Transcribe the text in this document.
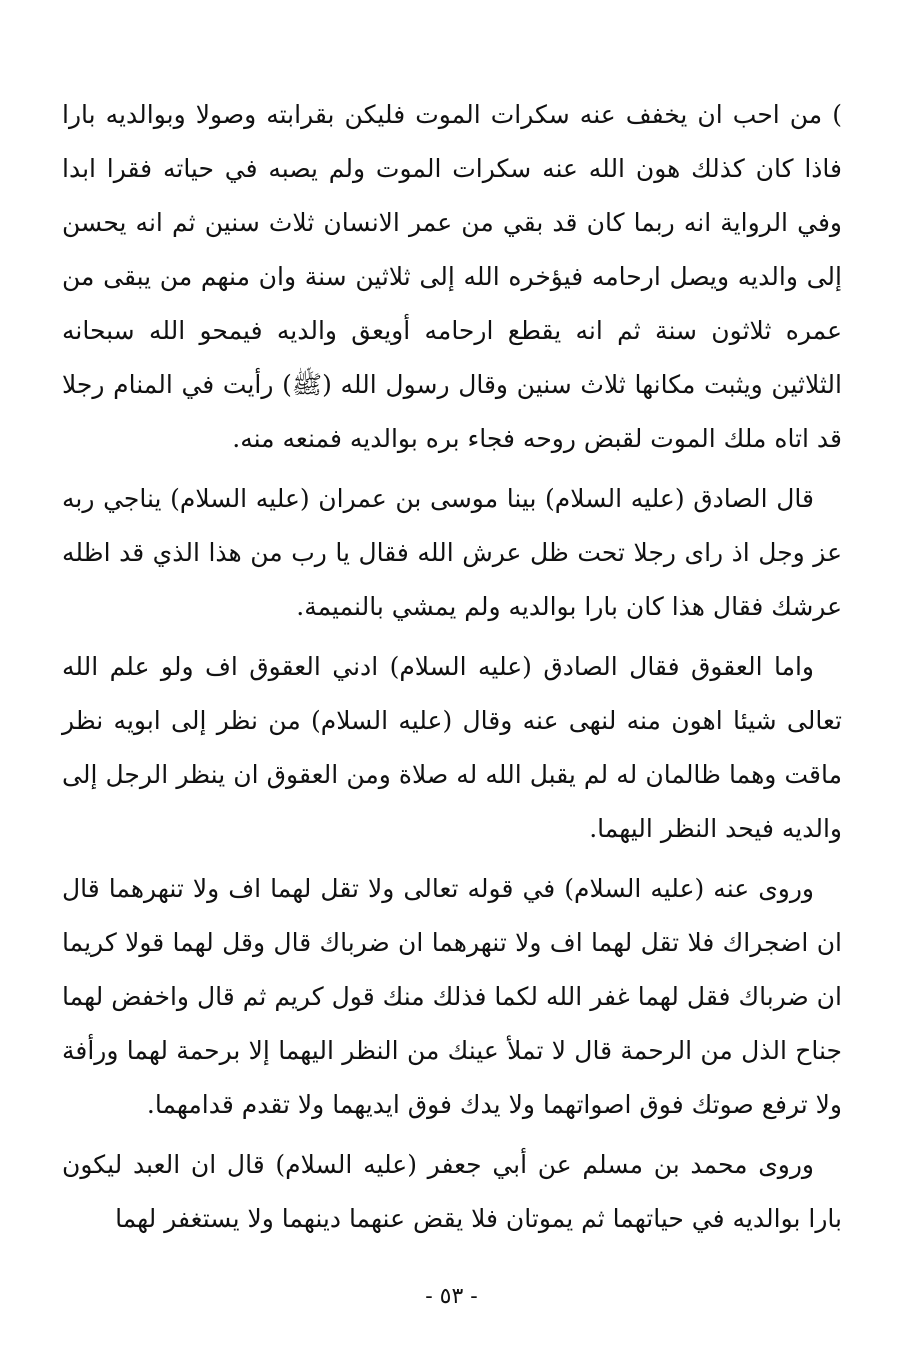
) من احب ان يخفف عنه سكرات الموت فليكن بقرابته وصولا وبوالديه بارا فاذا كان كذلك هون الله عنه سكرات الموت ولم يصبه في حياته فقرا ابدا وفي الرواية انه ربما كان قد بقي من عمر الانسان ثلاث سنين ثم انه يحسن إلى والديه ويصل ارحامه فيؤخره الله إلى ثلاثين سنة وان منهم من يبقى من عمره ثلاثون سنة ثم انه يقطع ارحامه أويعق والديه فيمحو الله سبحانه الثلاثين ويثبت مكانها ثلاث سنين وقال رسول الله (ﷺ) رأيت في المنام رجلا قد اتاه ملك الموت لقبض روحه فجاء بره بوالديه فمنعه منه.

قال الصادق (عليه السلام) بينا موسى بن عمران (عليه السلام) يناجي ربه عز وجل اذ راى رجلا تحت ظل عرش الله فقال يا رب من هذا الذي قد اظله عرشك فقال هذا كان بارا بوالديه ولم يمشي بالنميمة.

واما العقوق فقال الصادق (عليه السلام) ادني العقوق اف ولو علم الله تعالى شيئا اهون منه لنهى عنه وقال (عليه السلام) من نظر إلى ابويه نظر ماقت وهما ظالمان له لم يقبل الله له صلاة ومن العقوق ان ينظر الرجل إلى والديه فيحد النظر اليهما.

وروى عنه (عليه السلام) في قوله تعالى ولا تقل لهما اف ولا تنهرهما قال ان اضجراك فلا تقل لهما اف ولا تنهرهما ان ضرباك قال وقل لهما قولا كريما ان ضرباك فقل لهما غفر الله لكما فذلك منك قول كريم ثم قال واخفض لهما جناح الذل من الرحمة قال لا تملأ عينك من النظر اليهما إلا برحمة لهما ورأفة ولا ترفع صوتك فوق اصواتهما ولا يدك فوق ايديهما ولا تقدم قدامهما.

وروى محمد بن مسلم عن أبي جعفر (عليه السلام) قال ان العبد ليكون بارا بوالديه في حياتهما ثم يموتان فلا يقض عنهما دينهما ولا يستغفر لهما

- ٥٣ -
